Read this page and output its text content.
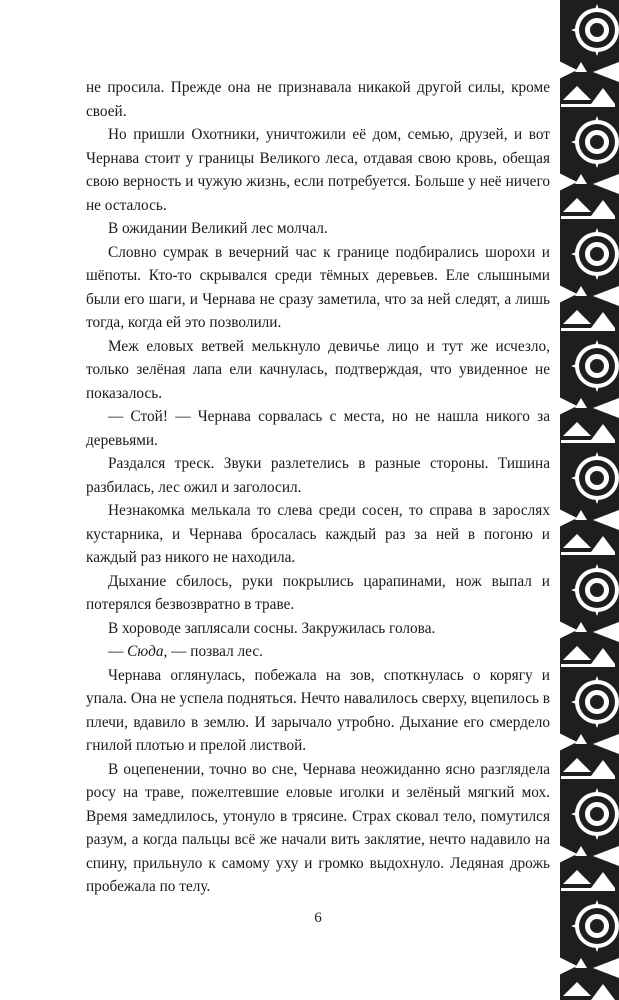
не просила. Прежде она не признавала никакой другой силы, кроме своей.

Но пришли Охотники, уничтожили её дом, семью, друзей, и вот Чернава стоит у границы Великого леса, отдавая свою кровь, обещая свою верность и чужую жизнь, если потребуется. Больше у неё ничего не осталось.

В ожидании Великий лес молчал.

Словно сумрак в вечерний час к границе подбирались шорохи и шёпоты. Кто-то скрывался среди тёмных деревьев. Еле слышными были его шаги, и Чернава не сразу заметила, что за ней следят, а лишь тогда, когда ей это позволили.

Меж еловых ветвей мелькнуло девичье лицо и тут же исчезло, только зелёная лапа ели качнулась, подтверждая, что увиденное не показалось.

— Стой! — Чернава сорвалась с места, но не нашла никого за деревьями.

Раздался треск. Звуки разлетелись в разные стороны. Тишина разбилась, лес ожил и заголосил.

Незнакомка мелькала то слева среди сосен, то справа в зарослях кустарника, и Чернава бросалась каждый раз за ней в погоню и каждый раз никого не находила.

Дыхание сбилось, руки покрылись царапинами, нож выпал и потерялся безвозвратно в траве.

В хороводе заплясали сосны. Закружилась голова.

— Сюда, — позвал лес.

Чернава оглянулась, побежала на зов, споткнулась о корягу и упала. Она не успела подняться. Нечто навалилось сверху, вцепилось в плечи, вдавило в землю. И зарычало утробно. Дыхание его смердело гнилой плотью и прелой листвой.

В оцепенении, точно во сне, Чернава неожиданно ясно разглядела росу на траве, пожелтевшие еловые иголки и зелёный мягкий мох. Время замедлилось, утонуло в трясине. Страх сковал тело, помутился разум, а когда пальцы всё же начали вить заклятие, нечто надавило на спину, прильнуло к самому уху и громко выдохнуло. Ледяная дрожь пробежала по телу.

6
